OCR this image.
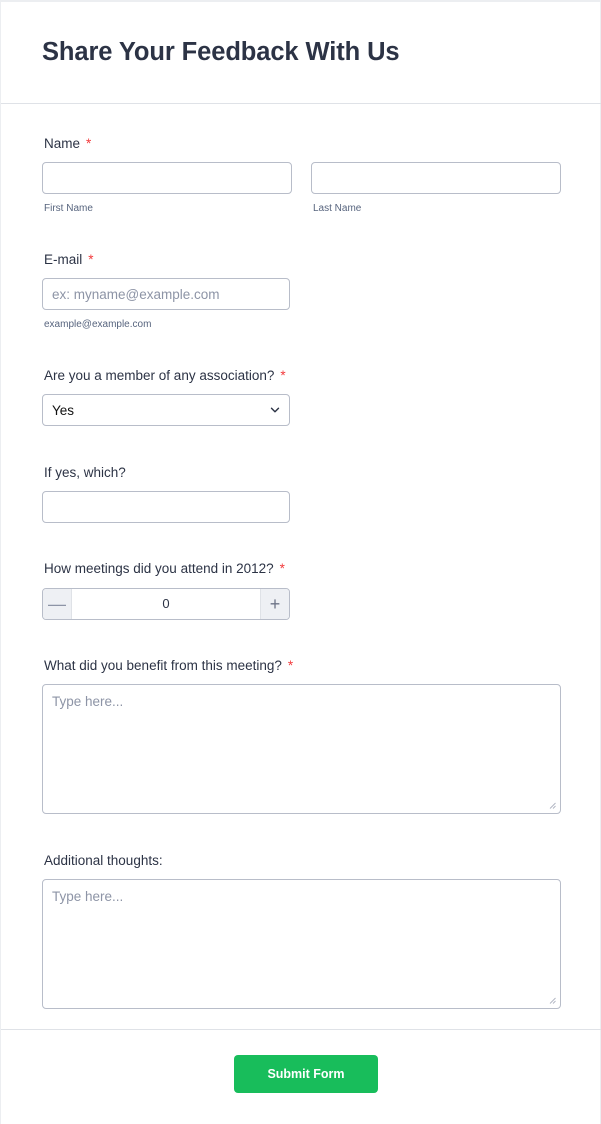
Share Your Feedback With Us
Name *
First Name	Last Name
E-mail *
ex: myname@example.com
example@example.com
Are you a member of any association? *
Yes
If yes, which?
How meetings did you attend in 2012? *
—	0	+
What did you benefit from this meeting? *
Type here...
Additional thoughts:
Type here...
Submit Form
